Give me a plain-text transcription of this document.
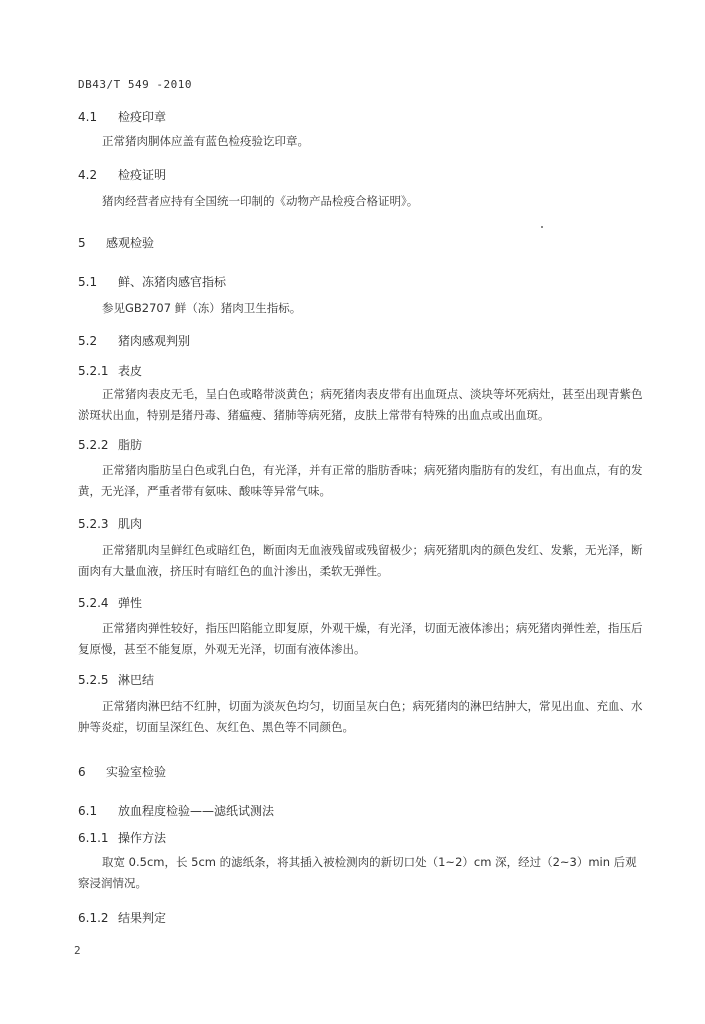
DB43/T 549 -2010
4.1 检疫印章
正常猪肉胴体应盖有蓝色检疫验讫印章。
4.2 检疫证明
猪肉经营者应持有全国统一印制的《动物产品检疫合格证明》。
5 感观检验
5.1 鲜、冻猪肉感官指标
参见GB2707 鲜（冻）猪肉卫生指标。
5.2 猪肉感观判别
5.2.1 表皮
正常猪肉表皮无毛，呈白色或略带淡黄色；病死猪肉表皮带有出血斑点、淡块等坏死病灶，甚至出现青紫色淤斑状出血，特别是猪丹毒、猪瘟瘦、猪肺等病死猪，皮肤上常带有特殊的出血点或出血斑。
5.2.2 脂肪
正常猪肉脂肪呈白色或乳白色，有光泽，并有正常的脂肪香味；病死猪肉脂肪有的发红，有出血点，有的发黄，无光泽，严重者带有氨味、酸味等异常气味。
5.2.3 肌肉
正常猪肌肉呈鲜红色或暗红色，断面肉无血液残留或残留极少；病死猪肌肉的颜色发红、发紫，无光泽，断面肉有大量血液，挤压时有暗红色的血汁渗出，柔软无弹性。
5.2.4 弹性
正常猪肉弹性较好，指压凹陷能立即复原，外观干燥，有光泽，切面无液体渗出；病死猪肉弹性差，指压后复原慢，甚至不能复原，外观无光泽，切面有液体渗出。
5.2.5 淋巴结
正常猪肉淋巴结不红肿，切面为淡灰色均匀，切面呈灰白色；病死猪肉的淋巴结肿大，常见出血、充血、水肿等炎症，切面呈深红色、灰红色、黑色等不同颜色。
6 实验室检验
6.1 放血程度检验——滤纸试测法
6.1.1 操作方法
取宽 0.5cm，长 5cm 的滤纸条，将其插入被检测肉的新切口处（1~2）cm 深，经过（2~3）min 后观察浸润情况。
6.1.2 结果判定
2
